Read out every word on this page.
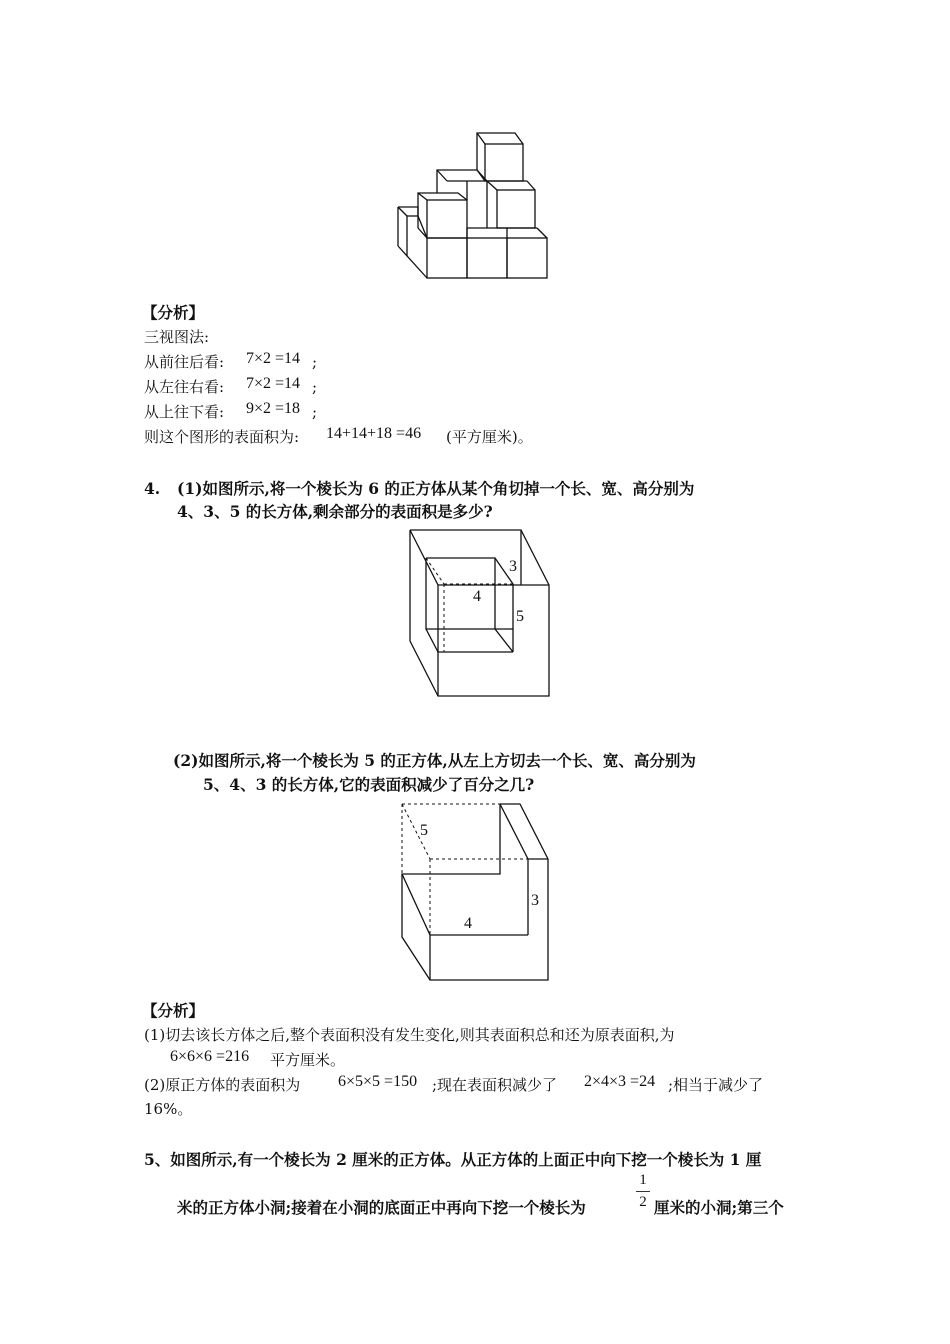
【分析】
三视图法:
从前往后看: 7×2 =14 ;
从左往右看: 7×2 =14 ;
从上往下看: 9×2 =18 ;
则这个图形的表面积为: 14+14+18 =46 (平方厘米)。
4. (1)如图所示,将一个棱长为 6 的正方体从某个角切掉一个长、宽、高分别为
4、3、5 的长方体,剩余部分的表面积是多少?
3
4
5
(2)如图所示,将一个棱长为 5 的正方体,从左上方切去一个长、宽、高分别为
5、4、3 的长方体,它的表面积减少了百分之几?
5
3
4
【分析】
(1)切去该长方体之后,整个表面积没有发生变化,则其表面积总和还为原表面积,为
6×6×6 =216 平方厘米。
(2)原正方体的表面积为 6×5×5 =150 ;现在表面积减少了 2×4×3 =24 ;相当于减少了
16%。
5、如图所示,有一个棱长为 2 厘米的正方体。从正方体的上面正中向下挖一个棱长为 1 厘
米的正方体小洞;接着在小洞的底面正中再向下挖一个棱长为
1
2 厘米的小洞;第三个
